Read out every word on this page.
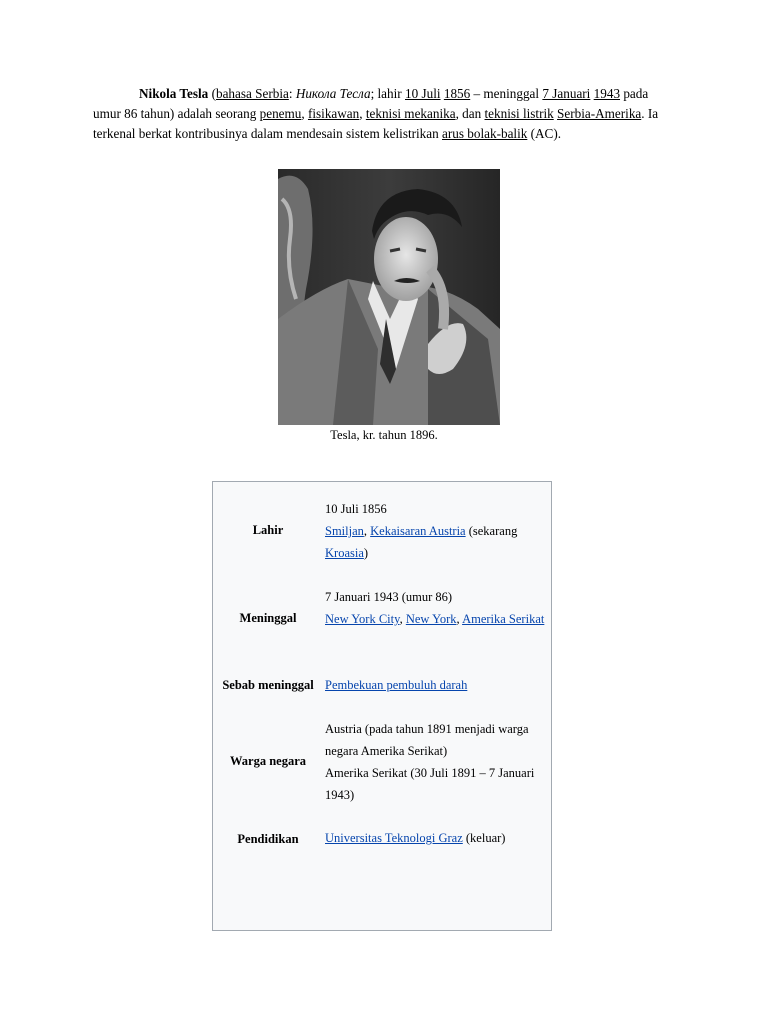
Nikola Tesla (bahasa Serbia: Никола Тесла; lahir 10 Juli 1856 – meninggal 7 Januari 1943 pada umur 86 tahun) adalah seorang penemu, fisikawan, teknisi mekanika, dan teknisi listrik Serbia-Amerika. Ia terkenal berkat kontribusinya dalam mendesain sistem kelistrikan arus bolak-balik (AC).

Tesla, kr. tahun 1896.
Lahir
10 Juli 1856
Smiljan, Kekaisaran Austria (sekarang Kroasia)
Meninggal
7 Januari 1943 (umur 86)
New York City, New York, Amerika Serikat
Sebab meninggal Pembekuan pembuluh darah
Warga negara
Austria (pada tahun 1891 menjadi warga negara Amerika Serikat)
Amerika Serikat (30 Juli 1891 – 7 Januari 1943)
Pendidikan	Universitas Teknologi Graz (keluar)
